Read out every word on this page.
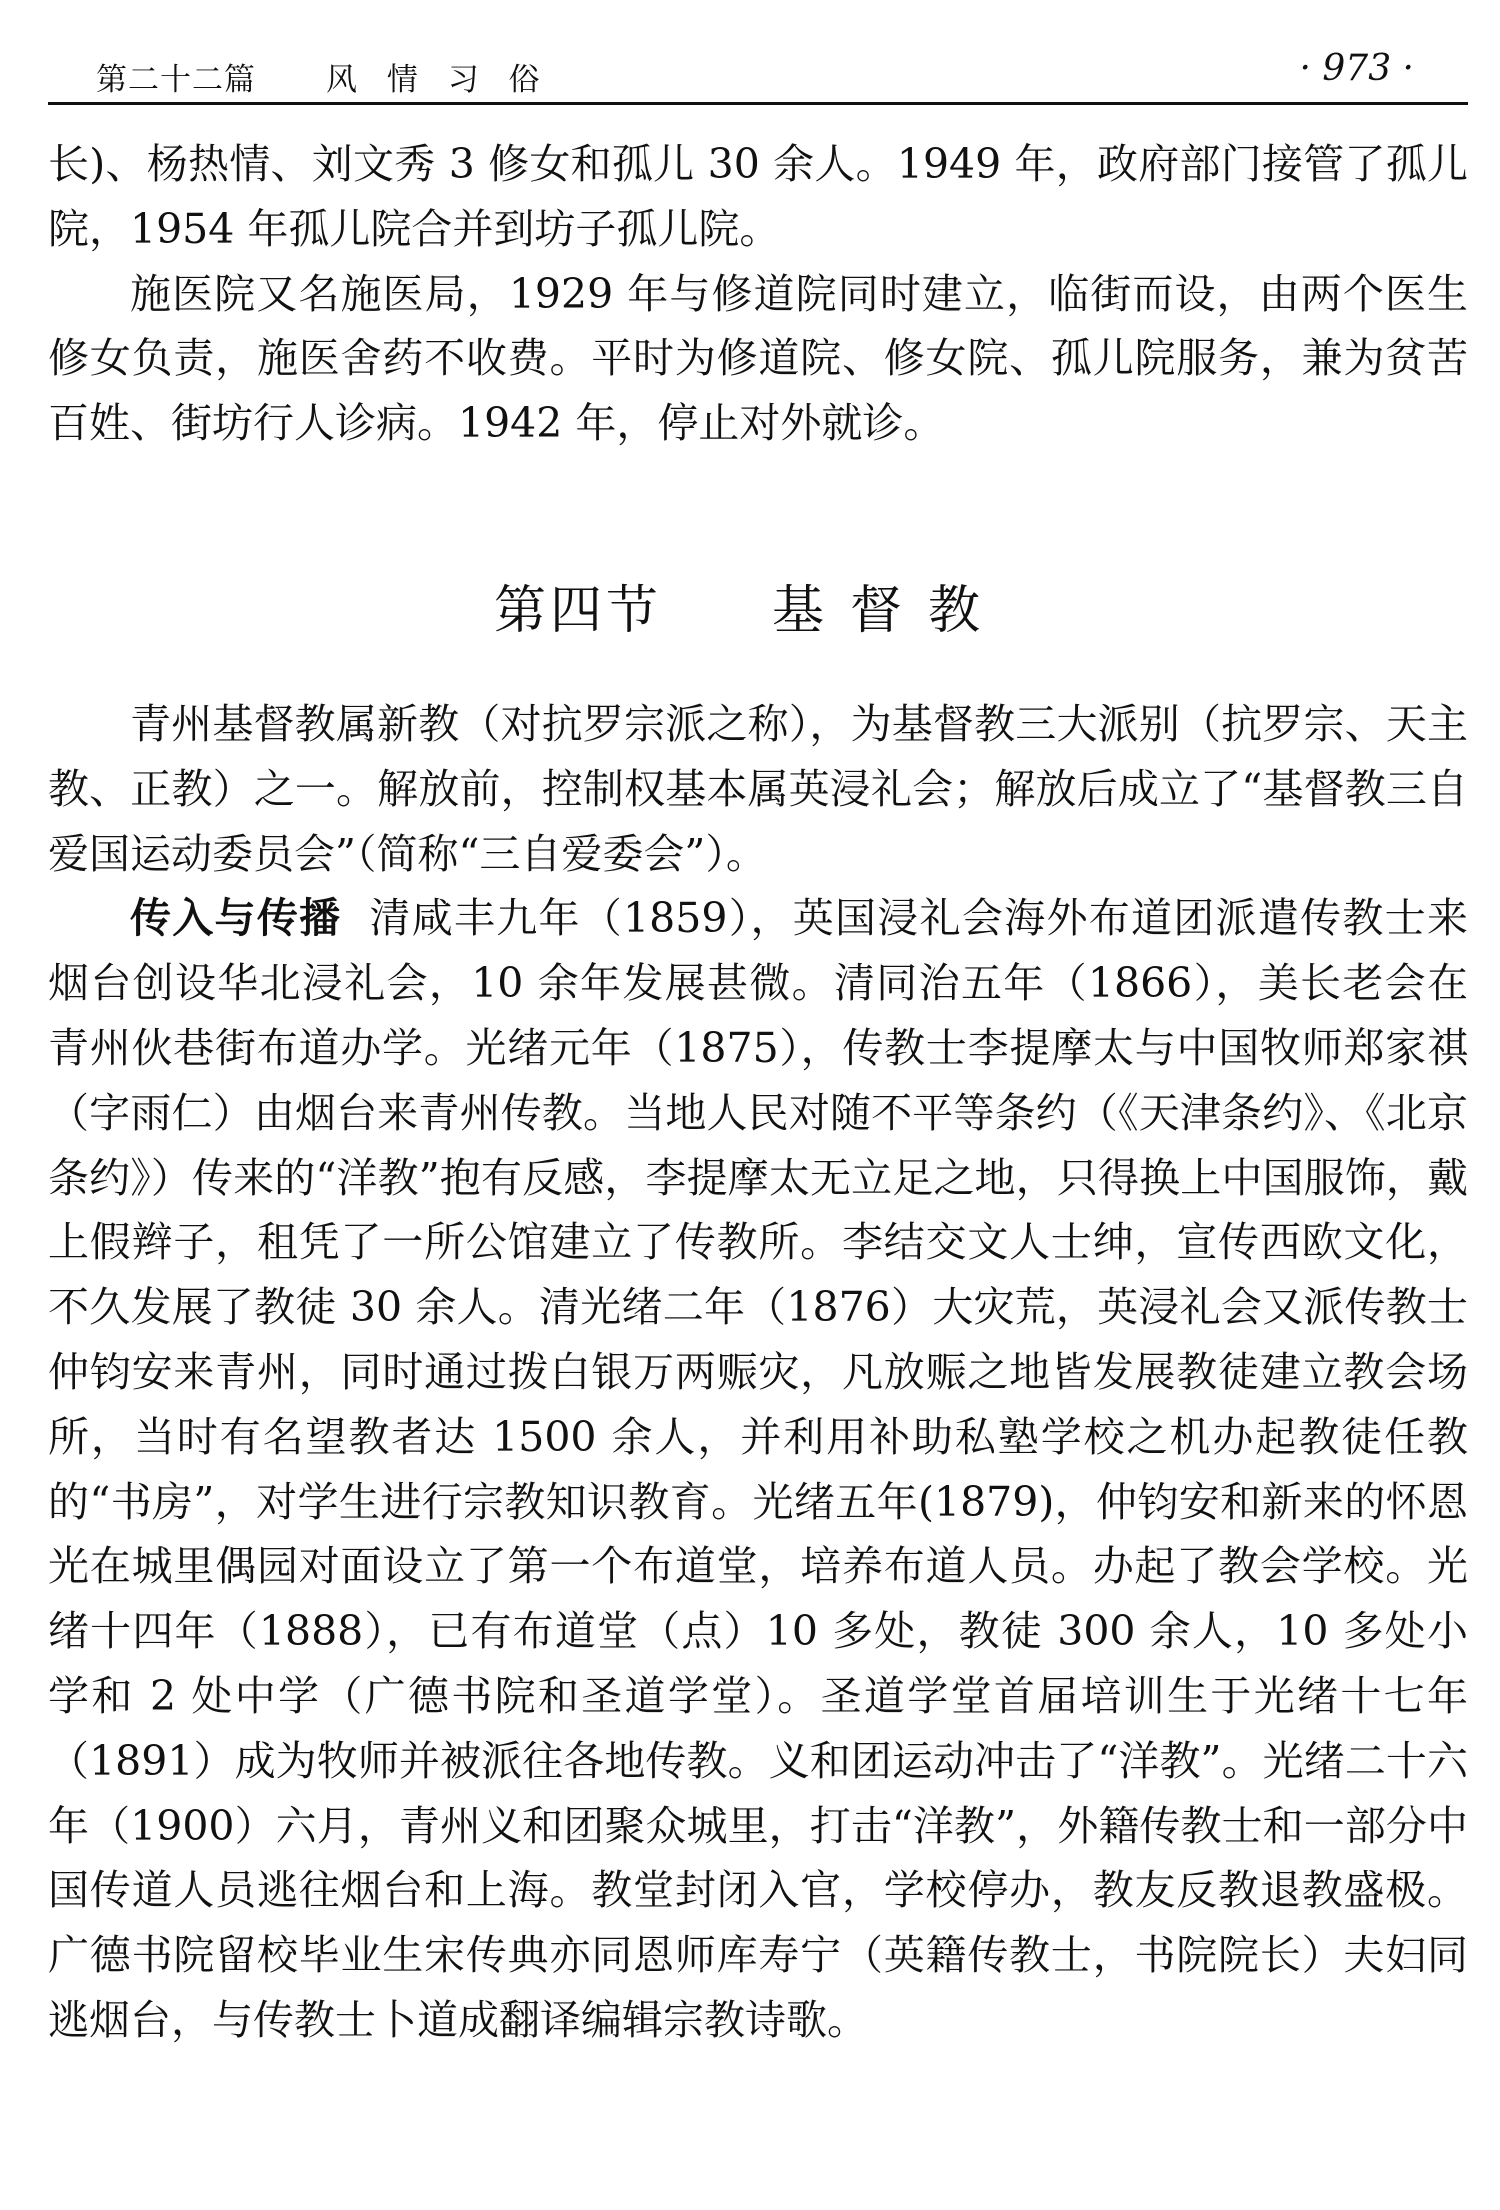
第二十二篇 风 情 习 俗	· 973 ·

长)、杨热情、刘文秀 3 修女和孤儿 30 余人。1949 年，政府部门接管了孤儿院，1954 年孤儿院合并到坊子孤儿院。

施医院又名施医局，1929 年与修道院同时建立，临街而设，由两个医生修女负责，施医舍药不收费。平时为修道院、修女院、孤儿院服务，兼为贫苦百姓、街坊行人诊病。1942 年，停止对外就诊。

第四节 基督教

青州基督教属新教（对抗罗宗派之称），为基督教三大派别（抗罗宗、天主教、正教）之一。解放前，控制权基本属英浸礼会；解放后成立了“基督教三自爱国运动委员会”（简称“三自爱委会”）。

传入与传播 清咸丰九年（1859），英国浸礼会海外布道团派遣传教士来烟台创设华北浸礼会，10 余年发展甚微。清同治五年（1866），美长老会在青州伙巷街布道办学。光绪元年（1875），传教士李提摩太与中国牧师郑家祺（字雨仁）由烟台来青州传教。当地人民对随不平等条约（《天津条约》、《北京条约》）传来的“洋教”抱有反感，李提摩太无立足之地，只得换上中国服饰，戴上假辫子，租凭了一所公馆建立了传教所。李结交文人士绅，宣传西欧文化，不久发展了教徒 30 余人。清光绪二年（1876）大灾荒，英浸礼会又派传教士仲钧安来青州，同时通过拨白银万两赈灾，凡放赈之地皆发展教徒建立教会场所，当时有名望教者达 1500 余人，并利用补助私塾学校之机办起教徒任教的“书房”，对学生进行宗教知识教育。光绪五年(1879)，仲钧安和新来的怀恩光在城里偶园对面设立了第一个布道堂，培养布道人员。办起了教会学校。光绪十四年（1888），已有布道堂（点）10 多处，教徒 300 余人，10 多处小学和 2 处中学（广德书院和圣道学堂）。圣道学堂首届培训生于光绪十七年（1891）成为牧师并被派往各地传教。义和团运动冲击了“洋教”。光绪二十六年（1900）六月，青州义和团聚众城里，打击“洋教”，外籍传教士和一部分中国传道人员逃往烟台和上海。教堂封闭入官，学校停办，教友反教退教盛极。广德书院留校毕业生宋传典亦同恩师库寿宁（英籍传教士，书院院长）夫妇同逃烟台，与传教士卜道成翻译编辑宗教诗歌。
